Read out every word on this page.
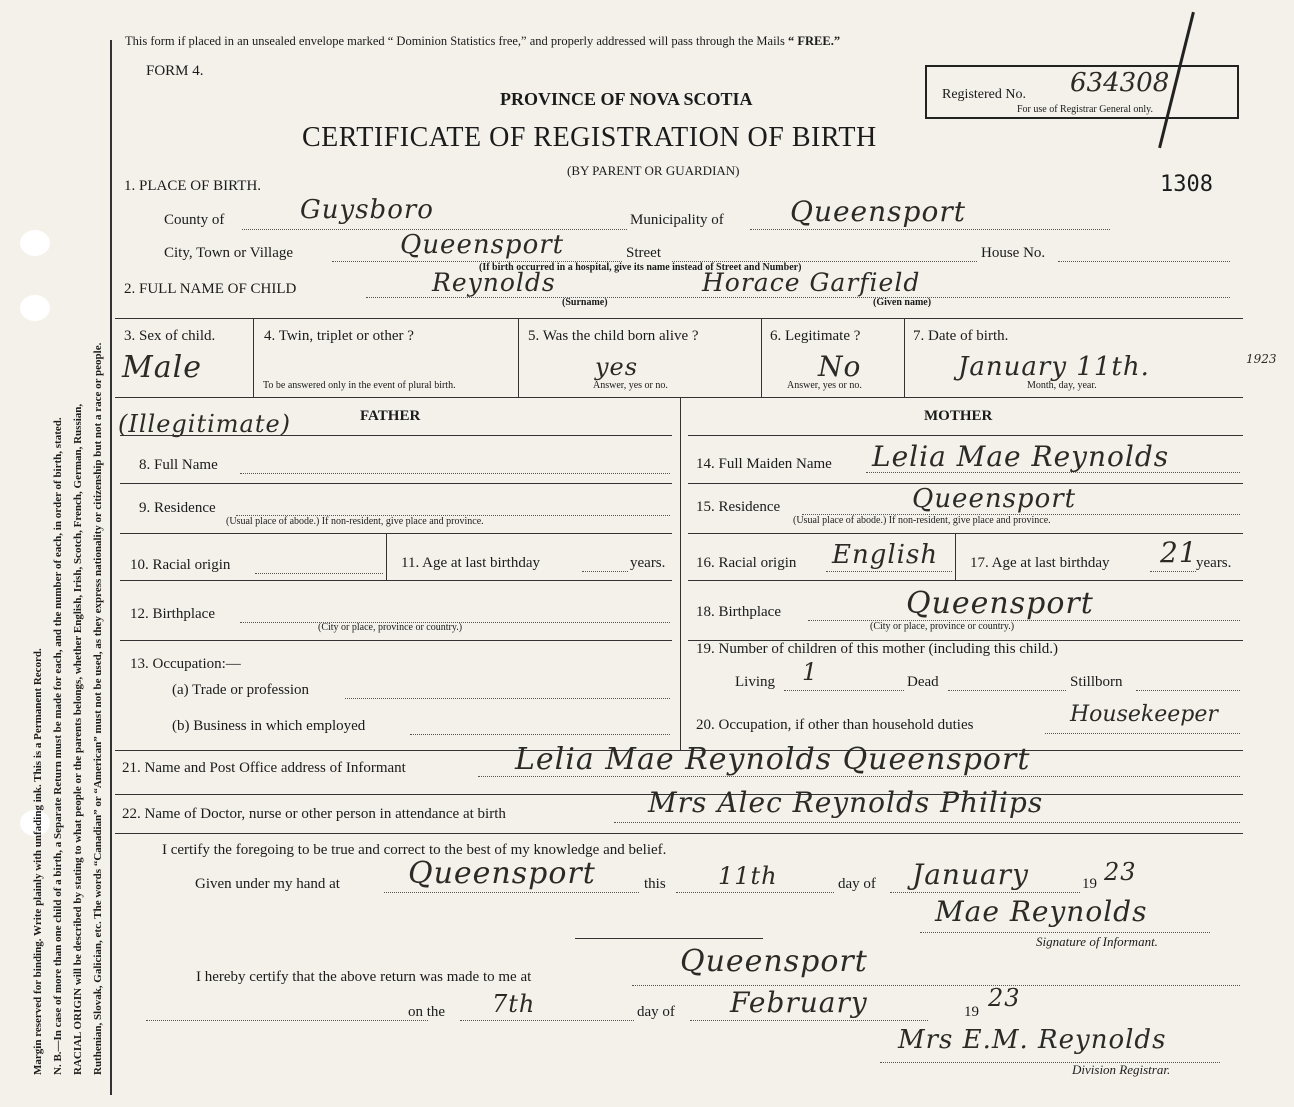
Margin reserved for binding. Write plainly with unfading ink. This is a Permanent Record. N. B.—In case of more than one child of a birth, a Separate Return must be made for each, and the number of each, in order of birth, stated. RACIAL ORIGIN will be described by stating to what people or the parents belongs, whether English, Irish, Scotch, French, German, Russian, Ruthenian, Slovak, Galician, etc. The words “Canadian” or “American” must not be used, as they express nationality or citizenship but not a race or people.
This form if placed in an unsealed envelope marked “ Dominion Statistics free,” and properly addressed will pass through the Mails “ FREE.”
FORM 4.
Registered No. 634308
For use of Registrar General only.
PROVINCE OF NOVA SCOTIA
CERTIFICATE OF REGISTRATION OF BIRTH
(BY PARENT OR GUARDIAN)
1308
1. PLACE OF BIRTH.
County of	Guysboro	Municipality of Queensport
City, Town or Village	Queensport	Street	House No.
(If birth occurred in a hospital, give its name instead of Street and Number)
2. FULL NAME OF CHILD	Reynolds	Horace Garfield
(Surname)	(Given name)
3. Sex of child.
Male
4. Twin, triplet or other ?
To be answered only in the event of plural birth.
5. Was the child born alive ?
yes
Answer, yes or no.
6. Legitimate ?
No
Answer, yes or no.
7. Date of birth.
January 11th.	1923
Month, day, year.
(Illegitimate)	FATHER	MOTHER
8. Full Name
9. Residence
(Usual place of abode.) If non-resident, give place and province.
10. Racial origin	11. Age at last birthday	years.
12. Birthplace
(City or place, province or country.)
13. Occupation:—
(a) Trade or profession
(b) Business in which employed
14. Full Maiden Name Lelia Mae Reynolds
15. Residence	Queensport
(Usual place of abode.) If non-resident, give place and province.
16. Racial origin English 17. Age at last birthday 21
years.
18. Birthplace	Queensport
(City or place, province or country.)
19. Number of children of this mother (including this child.)
Living 1	Dead	Stillborn
20. Occupation, if other than household duties	Housekeeper
21. Name and Post Office address of Informant	Lelia Mae Reynolds Queensport
22. Name of Doctor, nurse or other person in attendance at birth	Mrs Alec Reynolds Philips
I certify the foregoing to be true and correct to the best of my knowledge and belief.
Given under my hand at Queensport	this 11th	day of January	19 23
Mae Reynolds
Signature of Informant.
I hereby certify that the above return was made to me at	Queensport
on the 7th	day of February	19 23
Mrs E.M. Reynolds
Division Registrar.
